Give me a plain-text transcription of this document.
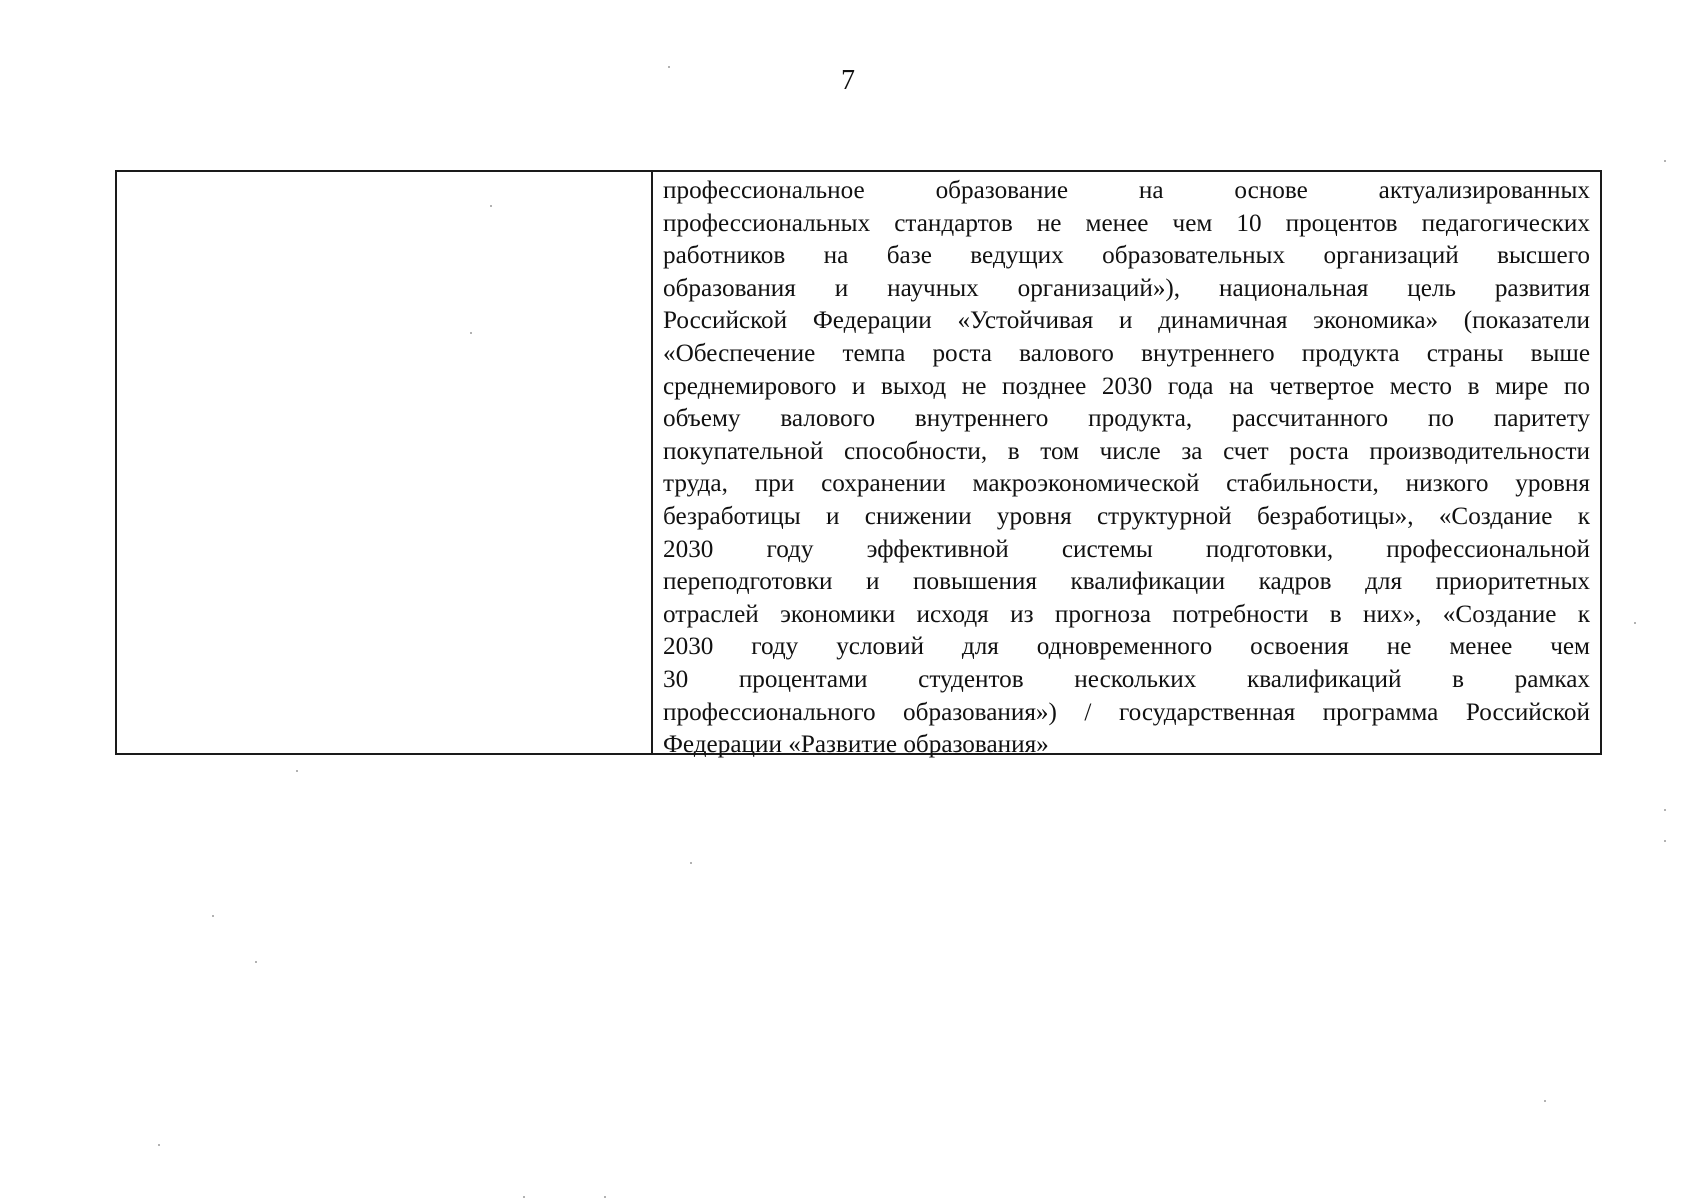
7

профессиональное образование на основе актуализированных
профессиональных стандартов не менее чем 10 процентов педагогических
работников на базе ведущих образовательных организаций высшего
образования и научных организаций»), национальная цель развития
Российской Федерации «Устойчивая и динамичная экономика» (показатели
«Обеспечение темпа роста валового внутреннего продукта страны выше
среднемирового и выход не позднее 2030 года на четвертое место в мире по
объему валового внутреннего продукта, рассчитанного по паритету
покупательной способности, в том числе за счет роста производительности
труда, при сохранении макроэкономической стабильности, низкого уровня
безработицы и снижении уровня структурной безработицы», «Создание к
2030 году эффективной системы подготовки, профессиональной
переподготовки и повышения квалификации кадров для приоритетных
отраслей экономики исходя из прогноза потребности в них», «Создание к
2030 году условий для одновременного освоения не менее чем
30 процентами студентов нескольких квалификаций в рамках
профессионального образования») / государственная программа Российской
Федерации «Развитие образования»
